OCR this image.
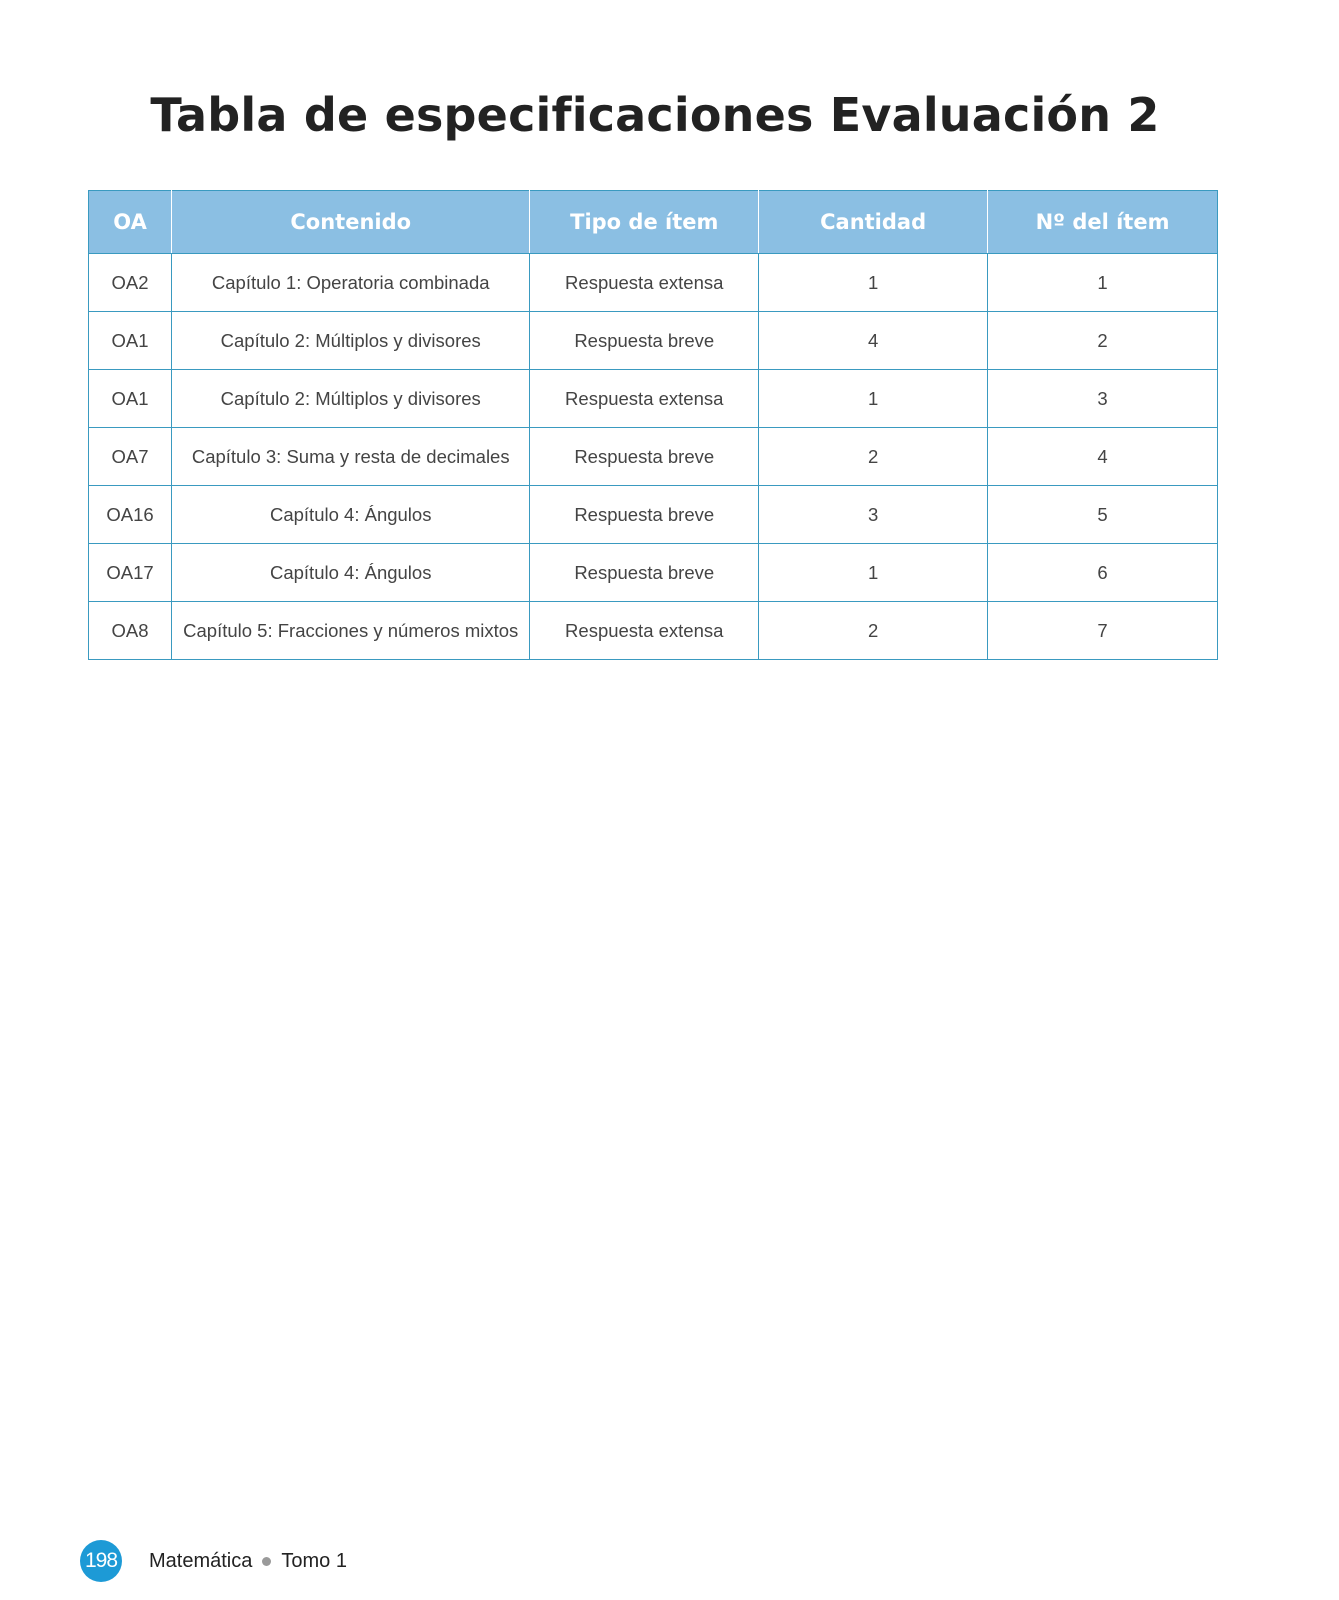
Tabla de especificaciones Evaluación 2
OA	Contenido	Tipo de ítem	Cantidad	Nº del ítem
OA2	Capítulo 1: Operatoria combinada	Respuesta extensa	1	1
OA1	Capítulo 2: Múltiplos y divisores	Respuesta breve	4	2
OA1	Capítulo 2: Múltiplos y divisores	Respuesta extensa	1	3
OA7	Capítulo 3: Suma y resta de decimales	Respuesta breve	2	4
OA16	Capítulo 4: Ángulos	Respuesta breve	3	5
OA17	Capítulo 4: Ángulos	Respuesta breve	1	6
OA8	Capítulo 5: Fracciones y números mixtos	Respuesta extensa	2	7
198 Matemática Tomo 1
